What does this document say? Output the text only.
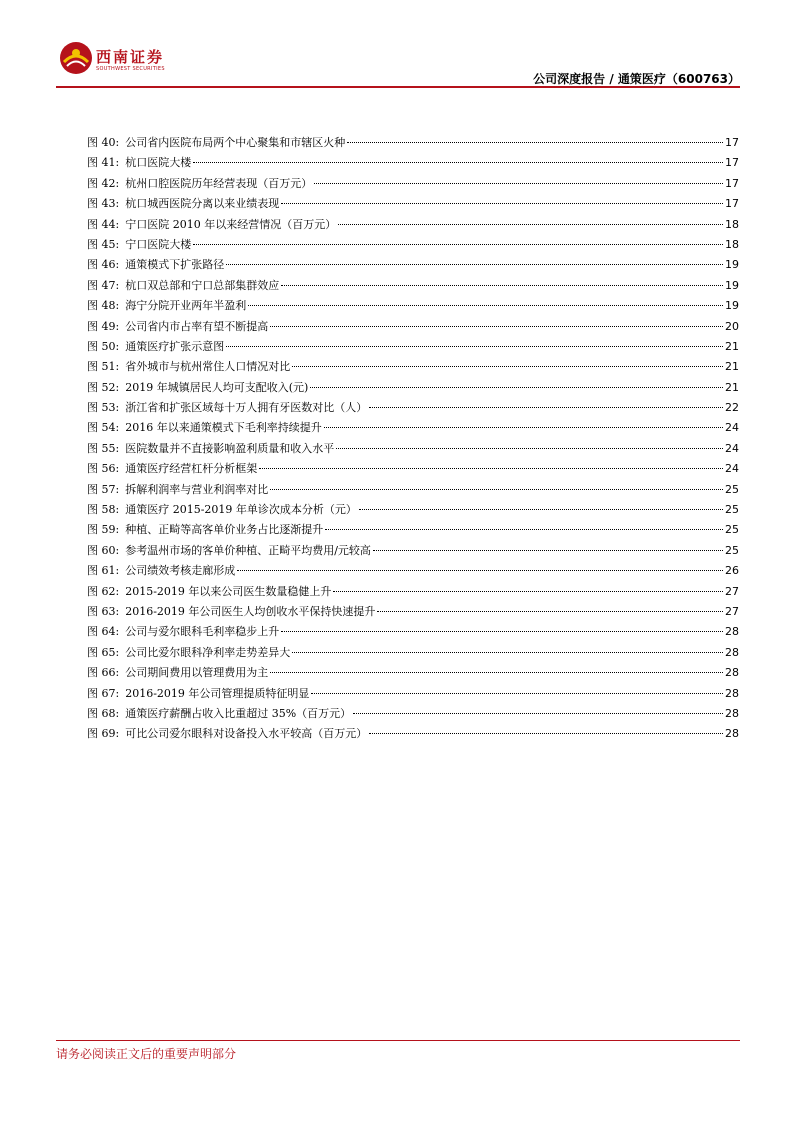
西南证券
SOUTHWEST SECURITIES
公司深度报告 / 通策医疗（600763）
图 40: 公司省内医院布局两个中心聚集和市辖区火种	17
图 41: 杭口医院大楼	17
图 42: 杭州口腔医院历年经营表现（百万元）	17
图 43: 杭口城西医院分离以来业绩表现	17
图 44: 宁口医院 2010 年以来经营情况（百万元）	18
图 45: 宁口医院大楼	18
图 46: 通策模式下扩张路径	19
图 47: 杭口双总部和宁口总部集群效应	19
图 48: 海宁分院开业两年半盈利	19
图 49: 公司省内市占率有望不断提高	20
图 50: 通策医疗扩张示意图	21
图 51: 省外城市与杭州常住人口情况对比	21
图 52: 2019 年城镇居民人均可支配收入(元)	21
图 53: 浙江省和扩张区域每十万人拥有牙医数对比（人）	22
图 54: 2016 年以来通策模式下毛利率持续提升	24
图 55: 医院数量并不直接影响盈利质量和收入水平	24
图 56: 通策医疗经营杠杆分析框架	24
图 57: 拆解利润率与营业利润率对比	25
图 58: 通策医疗 2015-2019 年单诊次成本分析（元）	25
图 59: 种植、正畸等高客单价业务占比逐渐提升	25
图 60: 参考温州市场的客单价种植、正畸平均费用/元较高	25
图 61: 公司绩效考核走廊形成	26
图 62: 2015-2019 年以来公司医生数量稳健上升	27
图 63: 2016-2019 年公司医生人均创收水平保持快速提升	27
图 64: 公司与爱尔眼科毛利率稳步上升	28
图 65: 公司比爱尔眼科净利率走势差异大	28
图 66: 公司期间费用以管理费用为主	28
图 67: 2016-2019 年公司管理提质特征明显	28
图 68: 通策医疗薪酬占收入比重超过 35%（百万元）	28
图 69: 可比公司爱尔眼科对设备投入水平较高（百万元）	28
请务必阅读正文后的重要声明部分
